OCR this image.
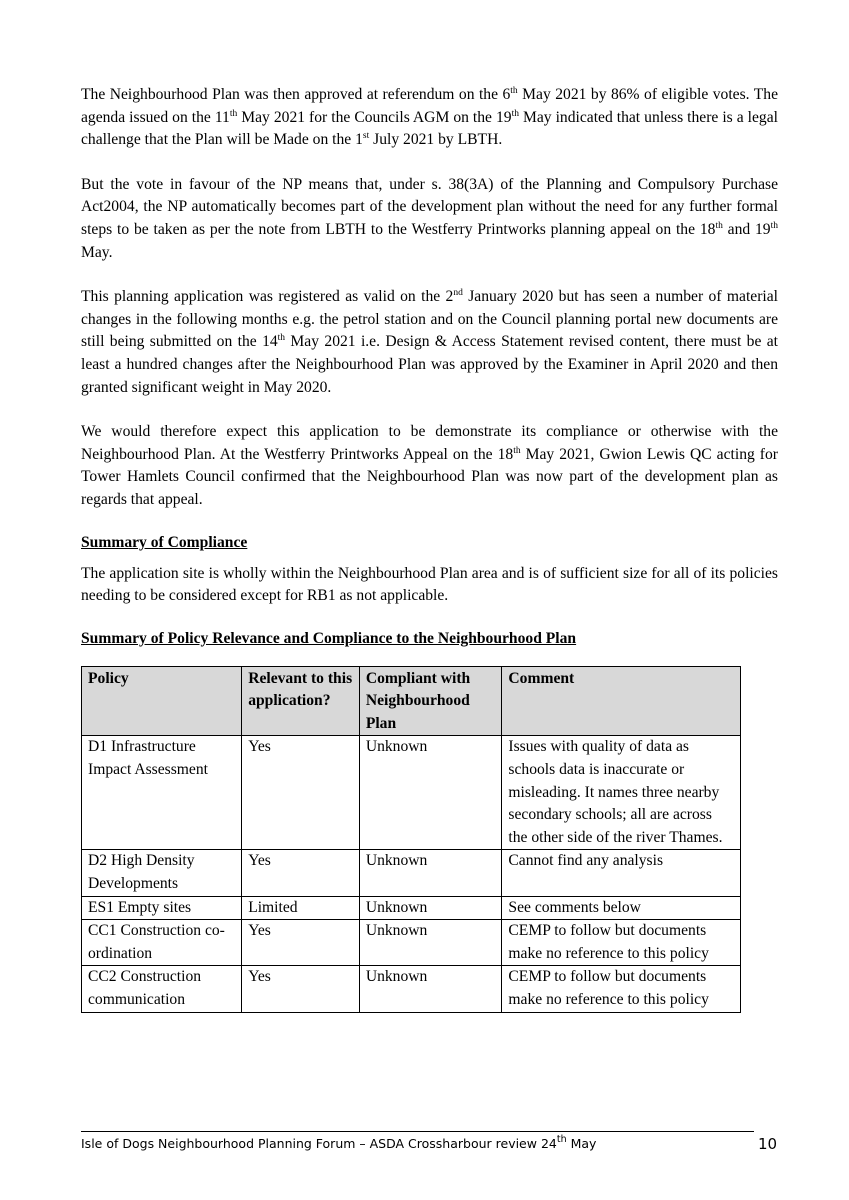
The Neighbourhood Plan was then approved at referendum on the 6th May 2021 by 86% of eligible votes. The agenda issued on the 11th May 2021 for the Councils AGM on the 19th May indicated that unless there is a legal challenge that the Plan will be Made on the 1st July 2021 by LBTH.

But the vote in favour of the NP means that, under s. 38(3A) of the Planning and Compulsory Purchase Act2004, the NP automatically becomes part of the development plan without the need for any further formal steps to be taken as per the note from LBTH to the Westferry Printworks planning appeal on the 18th and 19th May.

This planning application was registered as valid on the 2nd January 2020 but has seen a number of material changes in the following months e.g. the petrol station and on the Council planning portal new documents are still being submitted on the 14th May 2021 i.e. Design & Access Statement revised content, there must be at least a hundred changes after the Neighbourhood Plan was approved by the Examiner in April 2020 and then granted significant weight in May 2020.

We would therefore expect this application to be demonstrate its compliance or otherwise with the Neighbourhood Plan. At the Westferry Printworks Appeal on the 18th May 2021, Gwion Lewis QC acting for Tower Hamlets Council confirmed that the Neighbourhood Plan was now part of the development plan as regards that appeal.

Summary of Compliance

The application site is wholly within the Neighbourhood Plan area and is of sufficient size for all of its policies needing to be considered except for RB1 as not applicable.

Summary of Policy Relevance and Compliance to the Neighbourhood Plan
Policy	Relevant to this application?	Compliant with Neighbourhood Plan	Comment
D1 Infrastructure Impact Assessment	Yes	Unknown	Issues with quality of data as schools data is inaccurate or misleading. It names three nearby secondary schools; all are across the other side of the river Thames.
D2 High Density Developments	Yes	Unknown	Cannot find any analysis
ES1 Empty sites	Limited	Unknown	See comments below
CC1 Construction co-ordination	Yes	Unknown	CEMP to follow but documents make no reference to this policy
CC2 Construction communication	Yes	Unknown	CEMP to follow but documents make no reference to this policy
Isle of Dogs Neighbourhood Planning Forum – ASDA Crossharbour review 24th May	10
